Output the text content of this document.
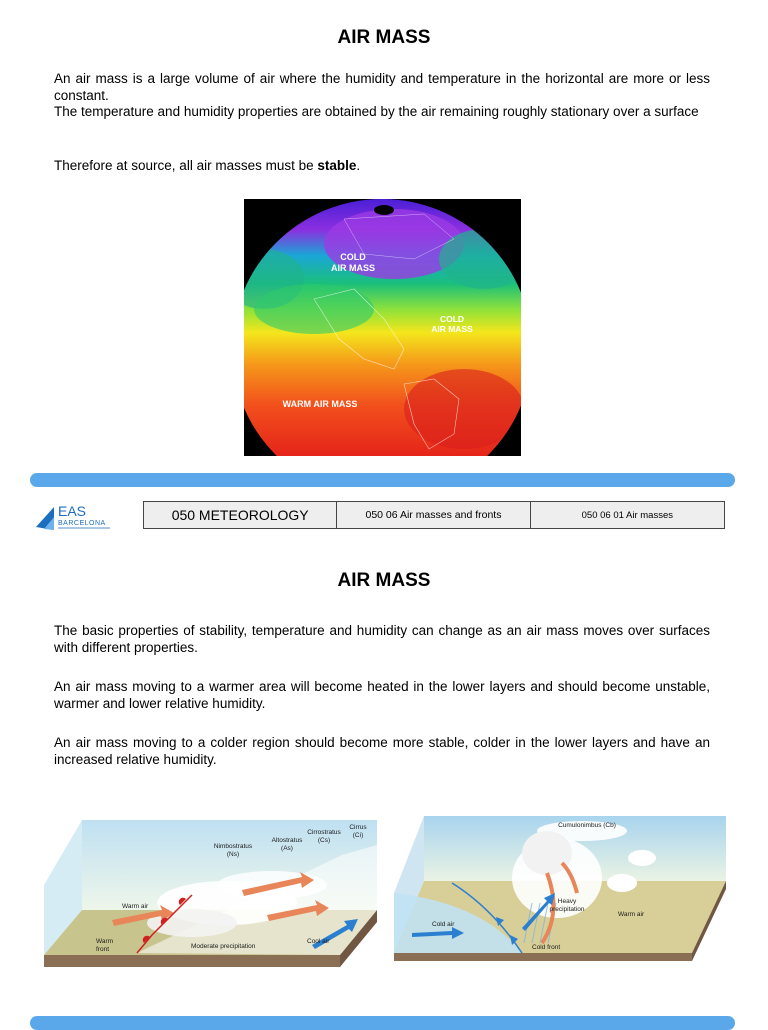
AIR MASS

An air mass is a large volume of air where the humidity and temperature in the horizontal are more or less constant.

The temperature and humidity properties are obtained by the air remaining roughly stationary over a surface

Therefore at source, all air masses must be stable.
COLD
AIR MASS
COLD
AIR MASS
WARM AIR MASS
EAS
BARCELONA
050 METEOROLOGY	050 06 Air masses and fronts	050 06 01 Air masses
AIR MASS
The basic properties of stability, temperature and humidity can change as an air mass moves over surfaces with different properties.
An air mass moving to a warmer area will become heated in the lower layers and should become unstable, warmer and lower relative humidity.
An air mass moving to a colder region should become more stable, colder in the lower layers and have an increased relative humidity.
Cirrus
(Ci)
Cirrostratus
(Cs)
Altostratus
(As)
Nimbostratus
(Ns)
Warm air
Warm
front	Moderate precipitation
Cool air
Cumulonimbus (Cb)
Heavy
precipitation
Warm air
Cold air
Cold front
